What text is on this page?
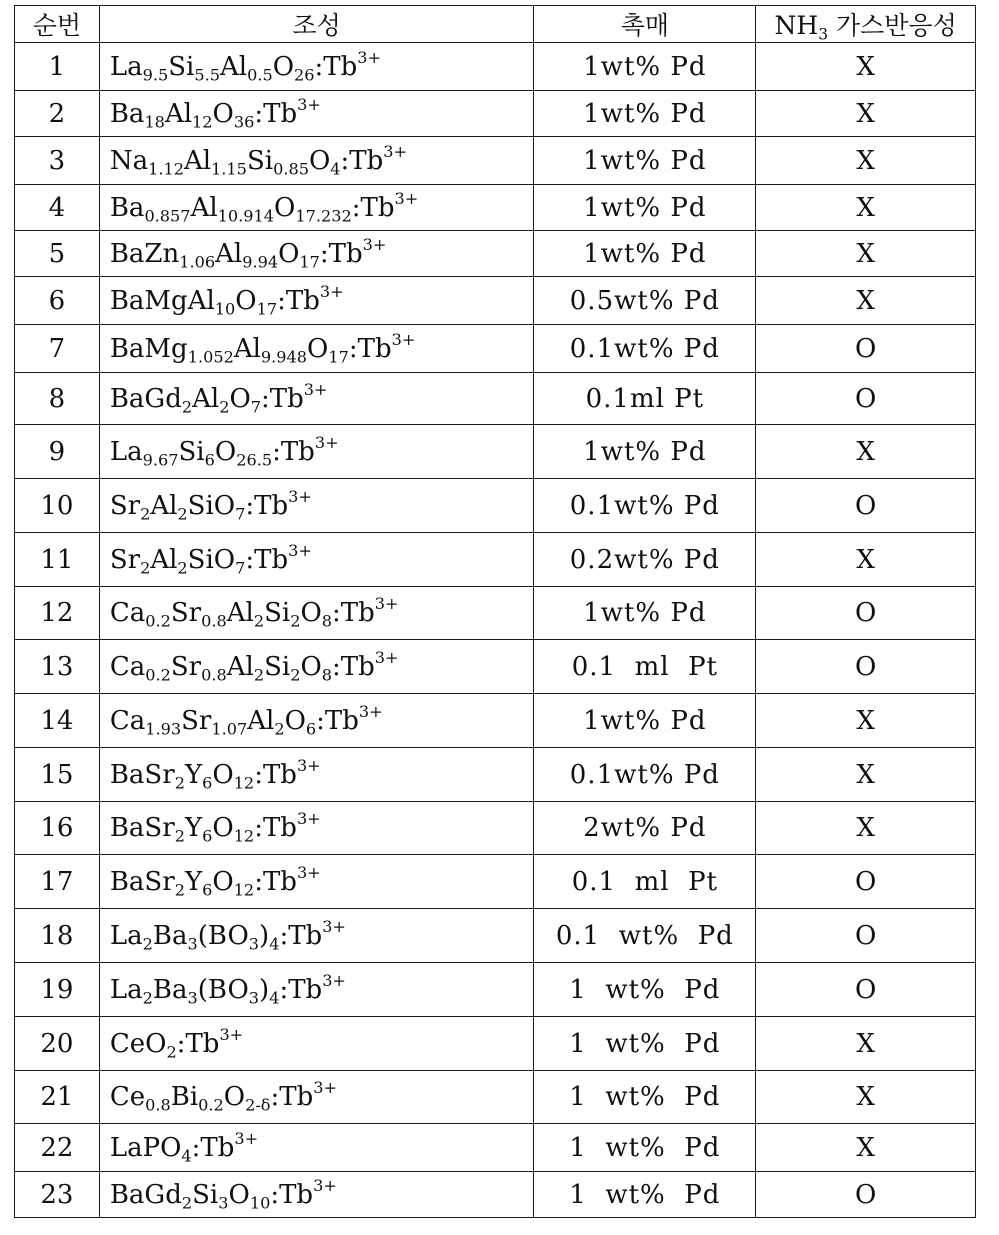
순번	조성	촉매	$NH_3$ 가스반응성
1	$La_{9.5}Si_{5.5}Al_{0.5}O_{26}:Tb^{3+}$	1wt% Pd	X
2	$Ba_{18}Al_{12}O_{36}:Tb^{3+}$	1wt% Pd	X
3	$Na_{1.12}Al_{1.15}Si_{0.85}O_4:Tb^{3+}$	1wt% Pd	X
4	$Ba_{0.857}Al_{10.914}O_{17.232}:Tb^{3+}$	1wt% Pd	X
5	$BaZn_{1.06}Al_{9.94}O_{17}:Tb^{3+}$	1wt% Pd	X
6	$BaMgAl_{10}O_{17}:Tb^{3+}$	0.5wt% Pd	X
7	$BaMg_{1.052}Al_{9.948}O_{17}:Tb^{3+}$	0.1wt% Pd	O
8	$BaGd_2Al_2O_7:Tb^{3+}$	0.1ml Pt	O
9	$La_{9.67}Si_6O_{26.5}:Tb^{3+}$	1wt% Pd	X
10	$Sr_2Al_2SiO_7:Tb^{3+}$	0.1wt% Pd	O
11	$Sr_2Al_2SiO_7:Tb^{3+}$	0.2wt% Pd	X
12	$Ca_{0.2}Sr_{0.8}Al_2Si_2O_8:Tb^{3+}$	1wt% Pd	O
13	$Ca_{0.2}Sr_{0.8}Al_2Si_2O_8:Tb^{3+}$	0.1  ml  Pt	O
14	$Ca_{1.93}Sr_{1.07}Al_2O_6:Tb^{3+}$	1wt% Pd	X
15	$BaSr_2Y_6O_{12}:Tb^{3+}$	0.1wt% Pd	X
16	$BaSr_2Y_6O_{12}:Tb^{3+}$	2wt% Pd	X
17	$BaSr_2Y_6O_{12}:Tb^{3+}$	0.1  ml  Pt	O
18	$La_2Ba_3(BO_3)_4:Tb^{3+}$	0.1  wt%  Pd	O
19	$La_2Ba_3(BO_3)_4:Tb^{3+}$	1  wt%  Pd	O
20	$CeO_2:Tb^{3+}$	1  wt%  Pd	X
21	$Ce_{0.8}Bi_{0.2}O_{2-\delta}:Tb^{3+}$	1  wt%  Pd	X
22	$LaPO_4:Tb^{3+}$	1  wt%  Pd	X
23	$BaGd_2Si_3O_{10}:Tb^{3+}$	1  wt%  Pd	O
